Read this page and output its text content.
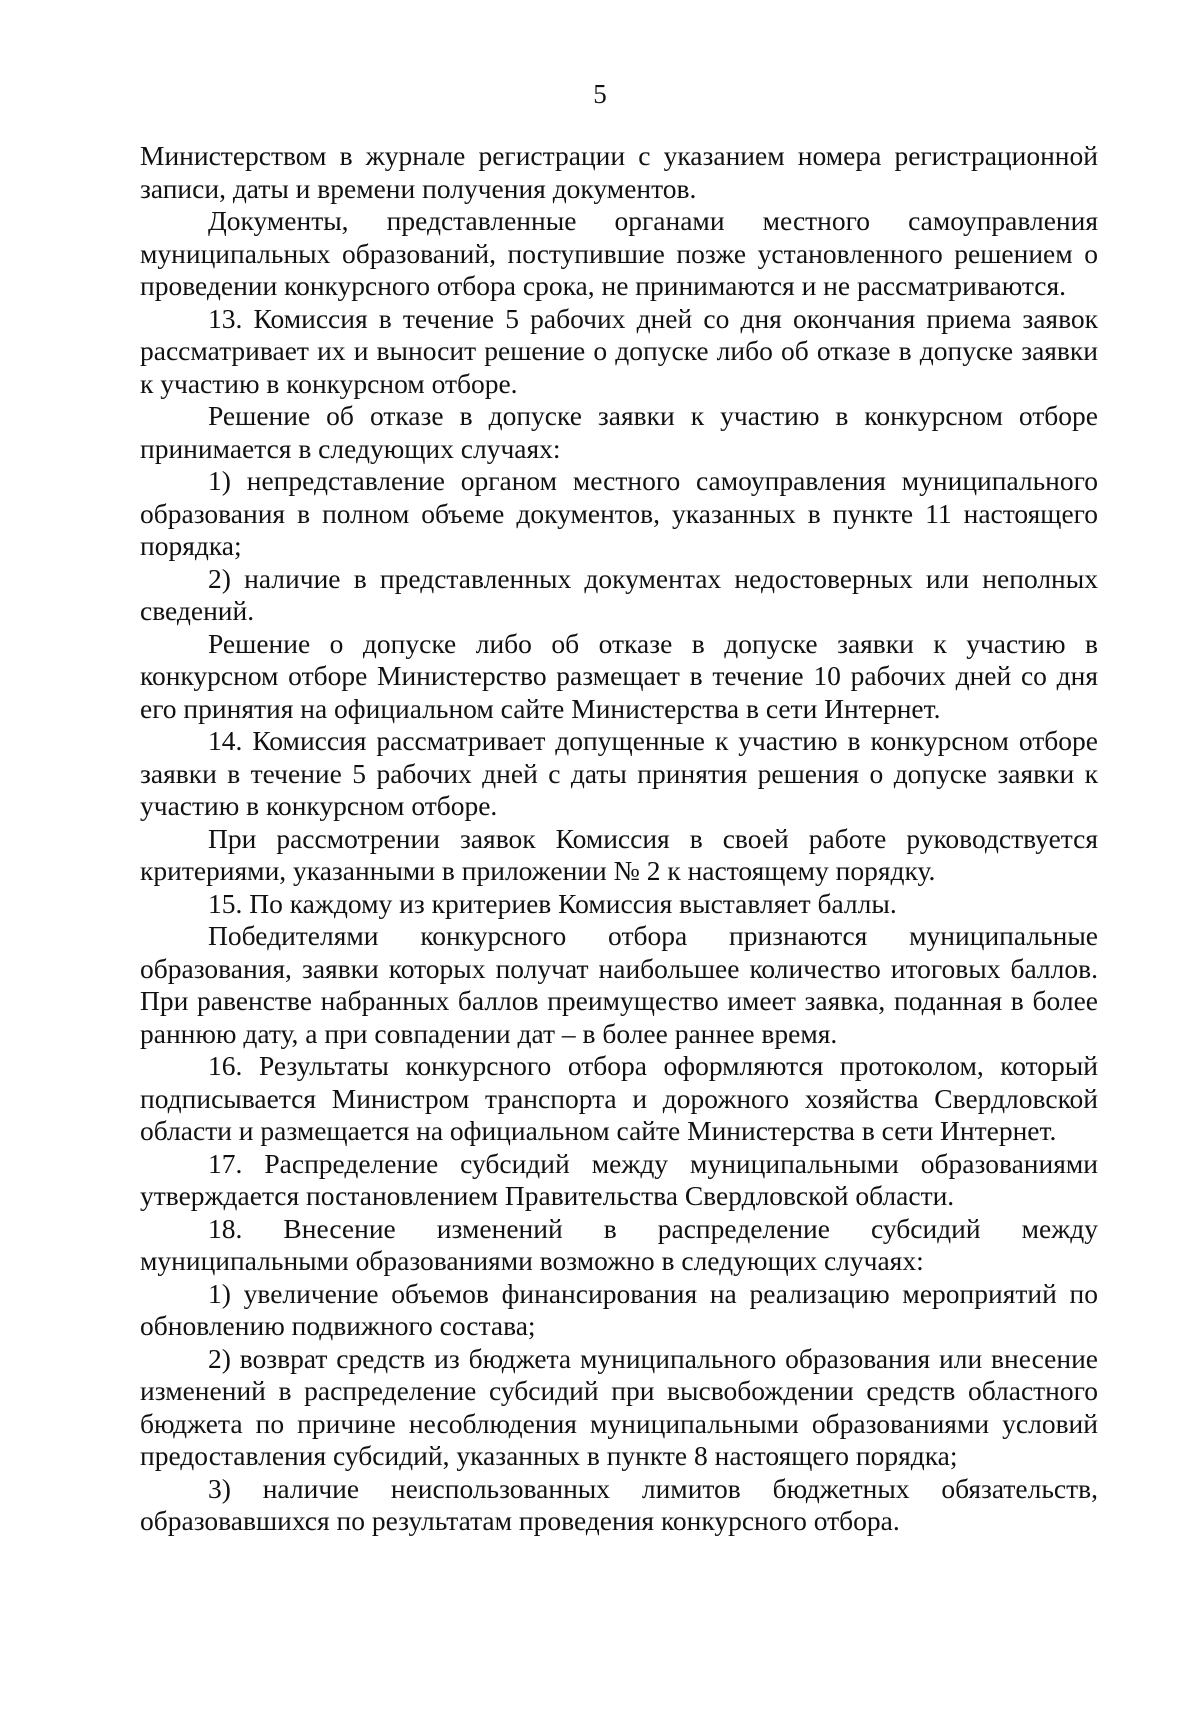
5

Министерством в журнале регистрации с указанием номера регистрационной записи, даты и времени получения документов.

Документы, представленные органами местного самоуправления муниципальных образований, поступившие позже установленного решением о проведении конкурсного отбора срока, не принимаются и не рассматриваются.

13. Комиссия в течение 5 рабочих дней со дня окончания приема заявок рассматривает их и выносит решение о допуске либо об отказе в допуске заявки к участию в конкурсном отборе.

Решение об отказе в допуске заявки к участию в конкурсном отборе принимается в следующих случаях:

1) непредставление органом местного самоуправления муниципального образования в полном объеме документов, указанных в пункте 11 настоящего порядка;

2) наличие в представленных документах недостоверных или неполных сведений.

Решение о допуске либо об отказе в допуске заявки к участию в конкурсном отборе Министерство размещает в течение 10 рабочих дней со дня его принятия на официальном сайте Министерства в сети Интернет.

14. Комиссия рассматривает допущенные к участию в конкурсном отборе заявки в течение 5 рабочих дней с даты принятия решения о допуске заявки к участию в конкурсном отборе.

При рассмотрении заявок Комиссия в своей работе руководствуется критериями, указанными в приложении № 2 к настоящему порядку.

15. По каждому из критериев Комиссия выставляет баллы.

Победителями конкурсного отбора признаются муниципальные образования, заявки которых получат наибольшее количество итоговых баллов. При равенстве набранных баллов преимущество имеет заявка, поданная в более раннюю дату, а при совпадении дат – в более раннее время.

16. Результаты конкурсного отбора оформляются протоколом, который подписывается Министром транспорта и дорожного хозяйства Свердловской области и размещается на официальном сайте Министерства в сети Интернет.

17. Распределение субсидий между муниципальными образованиями утверждается постановлением Правительства Свердловской области.

18. Внесение изменений в распределение субсидий между муниципальными образованиями возможно в следующих случаях:

1) увеличение объемов финансирования на реализацию мероприятий по обновлению подвижного состава;

2) возврат средств из бюджета муниципального образования или внесение изменений в распределение субсидий при высвобождении средств областного бюджета по причине несоблюдения муниципальными образованиями условий предоставления субсидий, указанных в пункте 8 настоящего порядка;

3) наличие неиспользованных лимитов бюджетных обязательств, образовавшихся по результатам проведения конкурсного отбора.
